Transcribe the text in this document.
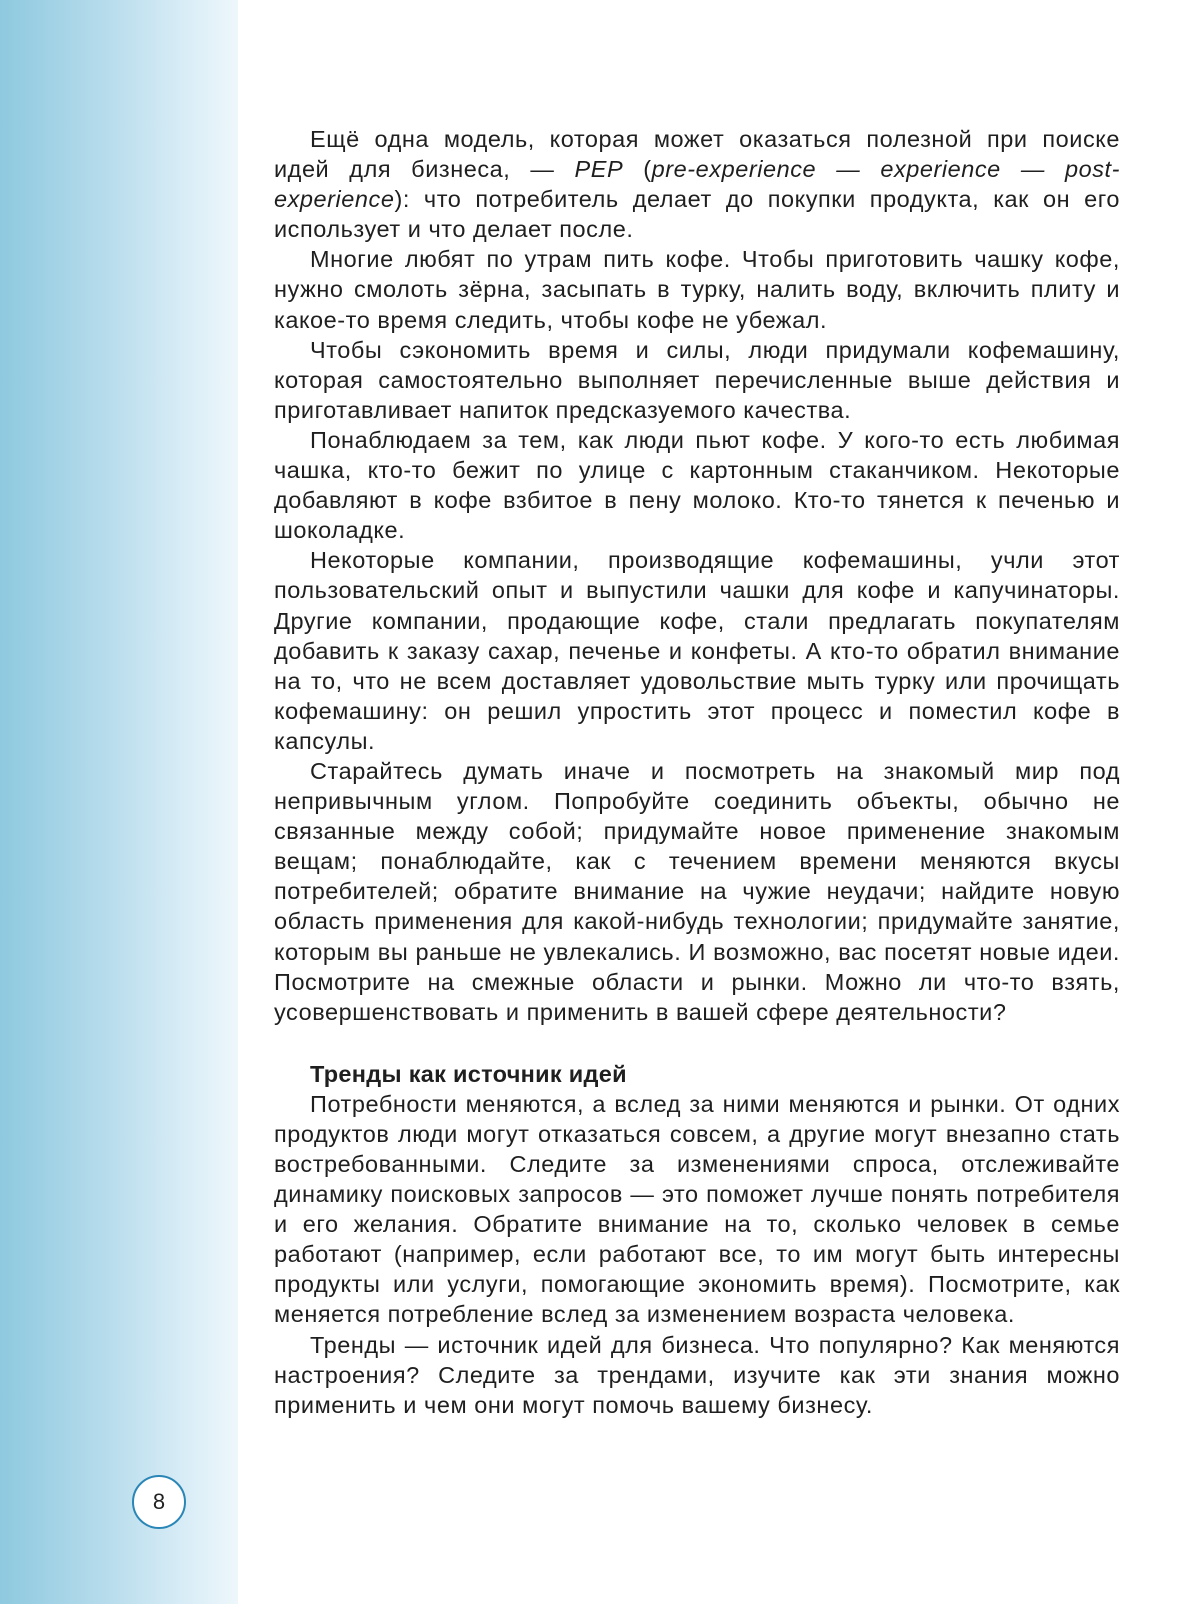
8

Ещё одна модель, которая может оказаться полезной при поиске идей для бизнеса, — PEP (pre-experience — experience — post-experience): что потребитель делает до покупки продукта, как он его использует и что делает после.

Многие любят по утрам пить кофе. Чтобы приготовить чашку кофе, нужно смолоть зёрна, засыпать в турку, налить воду, включить плиту и какое-то время следить, чтобы кофе не убежал.

Чтобы сэкономить время и силы, люди придумали кофемашину, которая самостоятельно выполняет перечисленные выше действия и приготавливает напиток предсказуемого качества.

Понаблюдаем за тем, как люди пьют кофе. У кого-то есть любимая чашка, кто-то бежит по улице с картонным стаканчиком. Некоторые добавляют в кофе взбитое в пену молоко. Кто-то тянется к печенью и шоколадке.

Некоторые компании, производящие кофемашины, учли этот пользовательский опыт и выпустили чашки для кофе и капучинаторы. Другие компании, продающие кофе, стали предлагать покупателям добавить к заказу сахар, печенье и конфеты. А кто-то обратил внимание на то, что не всем доставляет удовольствие мыть турку или прочищать кофемашину: он решил упростить этот процесс и поместил кофе в капсулы.

Старайтесь думать иначе и посмотреть на знакомый мир под непривычным углом. Попробуйте соединить объекты, обычно не связанные между собой; придумайте новое применение знакомым вещам; понаблюдайте, как с течением времени меняются вкусы потребителей; обратите внимание на чужие неудачи; найдите новую область применения для какой-нибудь технологии; придумайте занятие, которым вы раньше не увлекались. И возможно, вас посетят новые идеи. Посмотрите на смежные области и рынки. Можно ли что-то взять, усовершенствовать и применить в вашей сфере деятельности?

Тренды как источник идей

Потребности меняются, а вслед за ними меняются и рынки. От одних продуктов люди могут отказаться совсем, а другие могут внезапно стать востребованными. Следите за изменениями спроса, отслеживайте динамику поисковых запросов — это поможет лучше понять потребителя и его желания. Обратите внимание на то, сколько человек в семье работают (например, если работают все, то им могут быть интересны продукты или услуги, помогающие экономить время). Посмотрите, как меняется потребление вслед за изменением возраста человека.

Тренды — источник идей для бизнеса. Что популярно? Как меняются настроения? Следите за трендами, изучите как эти знания можно применить и чем они могут помочь вашему бизнесу.
